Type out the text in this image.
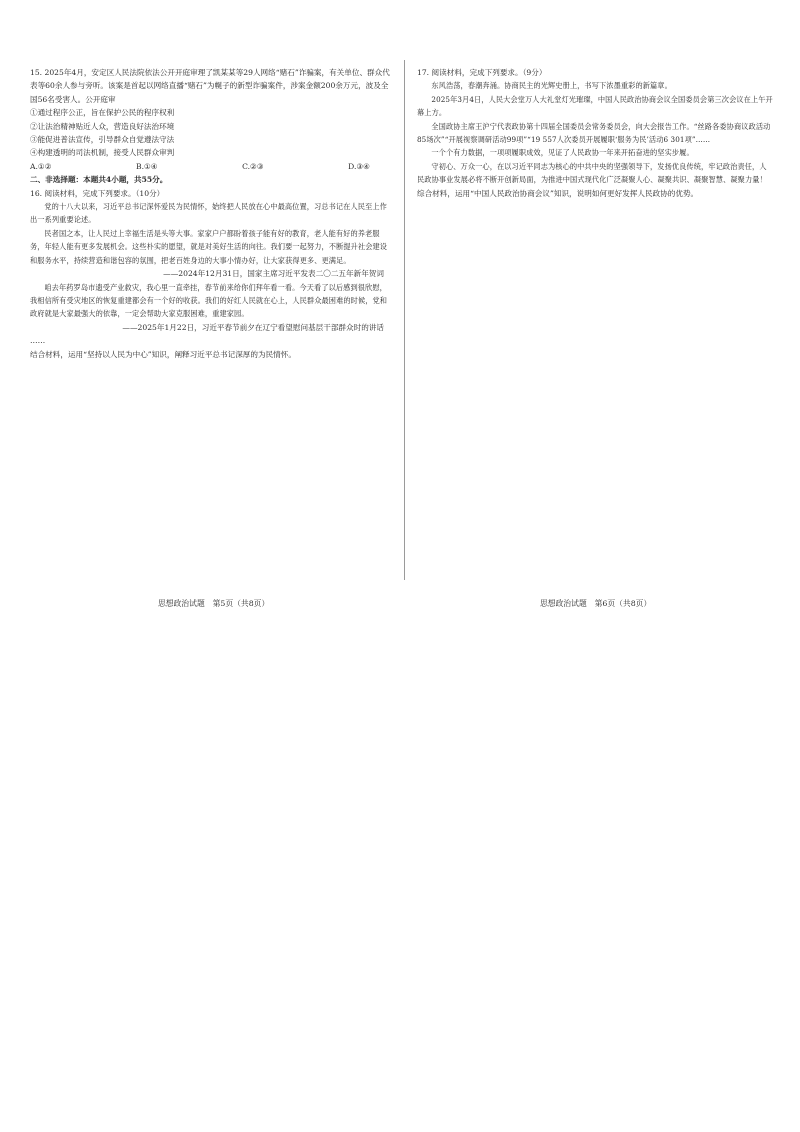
15. 2025年4月，安定区人民法院依法公开开庭审理了凯某某等29人网络“赌石”诈骗案，有关单位、群众代表等60余人参与旁听。该案是首起以网络直播“赌石”为幌子的新型诈骗案件，涉案金额200余万元，波及全国56名受害人。公开庭审

①通过程序公正，旨在保护公民的程序权利

②让法治精神贴近人众，营造良好法治环境

③能促进普法宣传，引导群众自觉遵法守法

④构建透明的司法机制，接受人民群众审判

A.①②	B.①④	C.②③	D.③④

二、非选择题：本题共4小题，共55分。

16. 阅读材料，完成下列要求。（10分）

党的十八大以来，习近平总书记深怀爱民为民情怀，始终把人民放在心中最高位置，习总书记在人民至上作出一系列重要论述。

民者国之本，让人民过上幸福生活是头等大事。家家户户都盼着孩子能有好的教育，老人能有好的养老服务，年轻人能有更多发展机会。这些朴实的愿望，就是对美好生活的向往。我们要一起努力，不断提升社会建设和服务水平，持续营造和谐包容的氛围，把老百姓身边的大事小情办好，让大家获得更多、更满足。

——2024年12月31日，国家主席习近平发表二〇二五年新年贺词

咱去年药罗岛市遗受产业救灾，我心里一直牵挂，春节前来给你们拜年看一看。今天看了以后感到很欣慰，我相信所有受灾地区的恢复重建都会有一个好的收获。我们的好红人民就在心上，人民群众最困难的时候，党和政府就是大家最强大的依靠，一定会帮助大家克服困难，重建家园。

——2025年1月22日，习近平春节前夕在辽宁看望慰问基层干部群众时的讲话

……

结合材料，运用“坚持以人民为中心”知识，阐释习近平总书记深厚的为民情怀。

17. 阅读材料，完成下列要求。（9分）

东风浩荡，春潮奔涌。协商民主的光辉史册上，书写下浓墨重彩的新篇章。

2025年3月4日，人民大会堂万人大礼堂灯光璀璨，中国人民政治协商会议全国委员会第三次会议在上午开幕上方。

全国政协主席王沪宁代表政协第十四届全国委员会常务委员会，向大会报告工作。“丝路各委协商议政活动85场次”“开展视察调研活动99项”“19 557人次委员开展履职‘服务为民’活动6 301项”……

一个个有力数据，一项项履职成效，见证了人民政协一年来开拓奋进的坚实步履。

守初心、万众一心，在以习近平同志为核心的中共中央的坚强领导下，发扬优良传统，牢记政治责任，人民政协事业发展必将不断开创新局面，为推进中国式现代化广泛凝聚人心、凝聚共识、凝聚智慧、凝聚力量！

综合材料，运用“中国人民政治协商会议”知识，说明如何更好发挥人民政协的优势。

思想政治试题　第5页（共8页）	思想政治试题　第6页（共8页）
